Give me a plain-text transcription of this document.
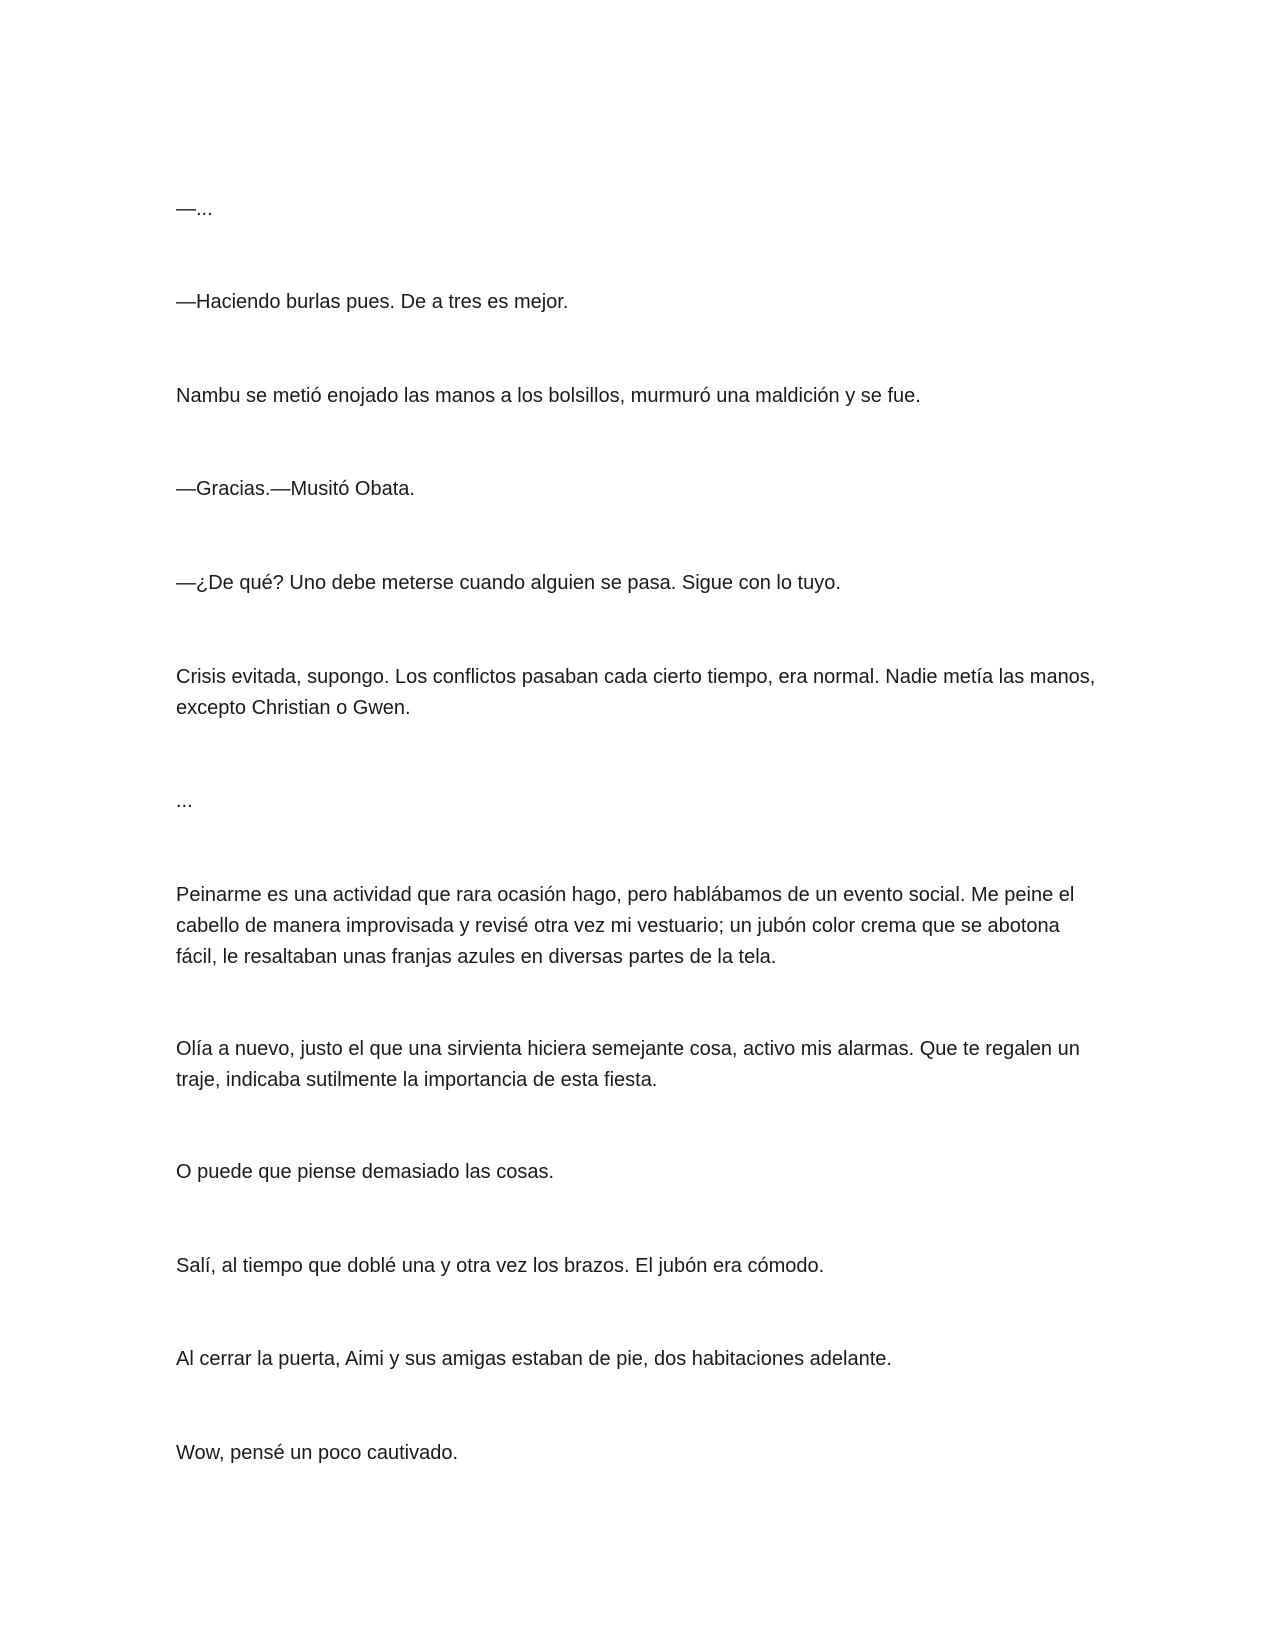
—...

—Haciendo burlas pues. De a tres es mejor.

Nambu se metió enojado las manos a los bolsillos, murmuró una maldición y se fue.

—Gracias.—Musitó Obata.

—¿De qué? Uno debe meterse cuando alguien se pasa. Sigue con lo tuyo.

Crisis evitada, supongo. Los conflictos pasaban cada cierto tiempo, era normal. Nadie metía las manos, excepto Christian o Gwen.

...

Peinarme es una actividad que rara ocasión hago, pero hablábamos de un evento social. Me peine el cabello de manera improvisada y revisé otra vez mi vestuario; un jubón color crema que se abotona fácil, le resaltaban unas franjas azules en diversas partes de la tela.

Olía a nuevo, justo el que una sirvienta hiciera semejante cosa, activo mis alarmas. Que te regalen un traje, indicaba sutilmente la importancia de esta fiesta.

O puede que piense demasiado las cosas.

Salí, al tiempo que doblé una y otra vez los brazos. El jubón era cómodo.

Al cerrar la puerta, Aimi y sus amigas estaban de pie, dos habitaciones adelante.

Wow, pensé un poco cautivado.
